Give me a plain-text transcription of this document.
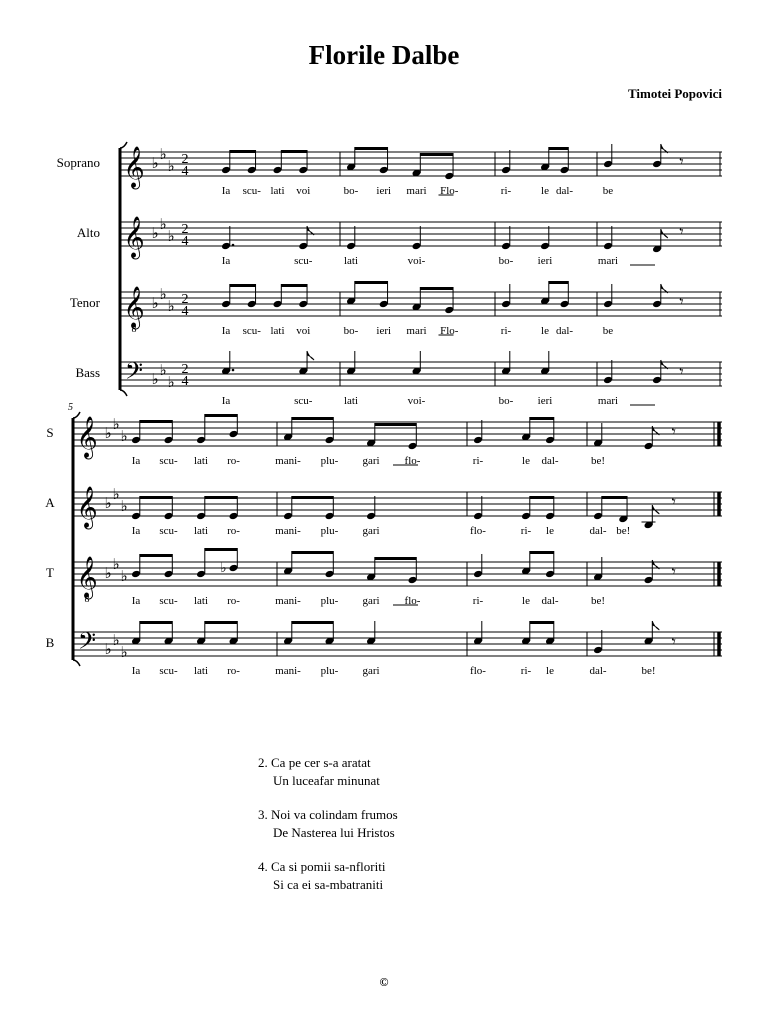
Florile Dalbe
Timotei Popovici
Soprano 𝄞 ♭
♭
♭ 2
4
𝄾
Ia scu- lati voi	bo- ieri mari Flo-	ri-	le dal-	be
Alto 𝄞 ♭
♭
♭ 2
4
𝄾
Ia	scu-	lati	voi-	bo- ieri	mari
Tenor 𝄞
8
♭
♭
♭ 2
4
𝄾
Ia scu- lati voi	bo- ieri mari Flo-	ri-	le dal-	be
Bass 𝄢 ♭
♭
♭
2
4
𝄾
Ia	scu-	lati	voi-	bo- ieri	mari
5
S 𝄞 ♭
♭
♭	𝄾
Ia scu- lati ro-	mani- plu- gari flo-	ri-	le dal-	be!
A 𝄞 ♭
♭
♭	𝄾
Ia scu- lati ro-	mani- plu- gari	flo-	ri- le	dal- be!
T 𝄞
8
♭
♭
♭
♭	𝄾
Ia scu- lati ro-	mani- plu- gari flo-	ri-	le dal-	be!
B 𝄢 ♭
♭
♭
𝄾
Ia scu- lati ro-	mani- plu- gari	flo-	ri- le	dal-	be!
2. Ca pe cer s-a aratat
Un luceafar minunat
3. Noi va colindam frumos
De Nasterea lui Hristos
4. Ca si pomii sa-nfloriti
Si ca ei sa-mbatraniti
©
